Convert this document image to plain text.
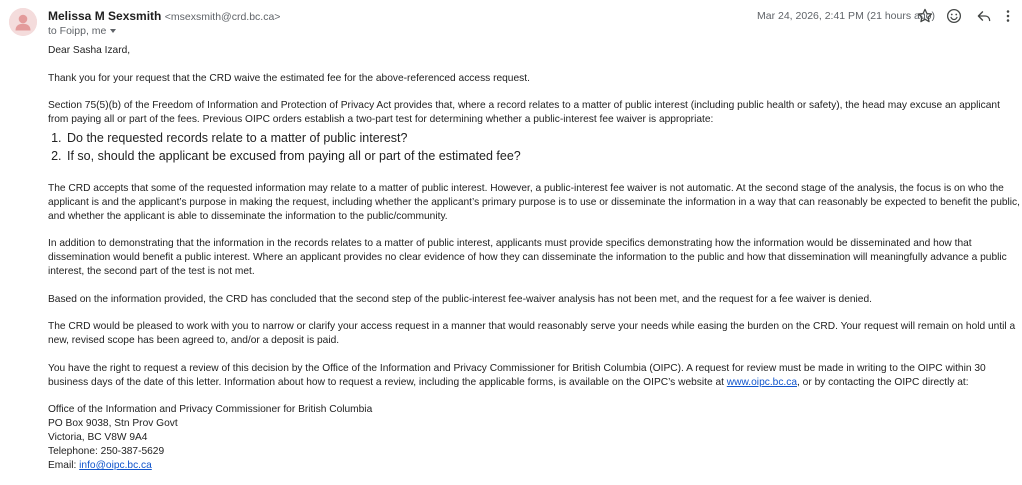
Melissa M Sexsmith <msexsmith@crd.bc.ca>
to Foipp, me
Mar 24, 2026, 2:41 PM (21 hours ago)

Dear Sasha Izard,

Thank you for your request that the CRD waive the estimated fee for the above-referenced access request.

Section 75(5)(b) of the Freedom of Information and Protection of Privacy Act provides that, where a record relates to a matter of public interest (including public health or safety), the head may excuse an applicant from paying all or part of the fees. Previous OIPC orders establish a two-part test for determining whether a public-interest fee waiver is appropriate:

1. Do the requested records relate to a matter of public interest?
2. If so, should the applicant be excused from paying all or part of the estimated fee?

The CRD accepts that some of the requested information may relate to a matter of public interest. However, a public-interest fee waiver is not automatic. At the second stage of the analysis, the focus is on who the applicant is and the applicant’s purpose in making the request, including whether the applicant’s primary purpose is to use or disseminate the information in a way that can reasonably be expected to benefit the public, and whether the applicant is able to disseminate the information to the public/community.

In addition to demonstrating that the information in the records relates to a matter of public interest, applicants must provide specifics demonstrating how the information would be disseminated and how that dissemination would benefit a public interest. Where an applicant provides no clear evidence of how they can disseminate the information to the public and how that dissemination will meaningfully advance a public interest, the second part of the test is not met.

Based on the information provided, the CRD has concluded that the second step of the public-interest fee-waiver analysis has not been met, and the request for a fee waiver is denied.

The CRD would be pleased to work with you to narrow or clarify your access request in a manner that would reasonably serve your needs while easing the burden on the CRD. Your request will remain on hold until a new, revised scope has been agreed to, and/or a deposit is paid.

You have the right to request a review of this decision by the Office of the Information and Privacy Commissioner for British Columbia (OIPC). A request for review must be made in writing to the OIPC within 30 business days of the date of this letter. Information about how to request a review, including the applicable forms, is available on the OIPC’s website at www.oipc.bc.ca, or by contacting the OIPC directly at:

Office of the Information and Privacy Commissioner for British Columbia

PO Box 9038, Stn Prov Govt

Victoria, BC V8W 9A4

Telephone: 250-387-5629

Email: info@oipc.bc.ca
